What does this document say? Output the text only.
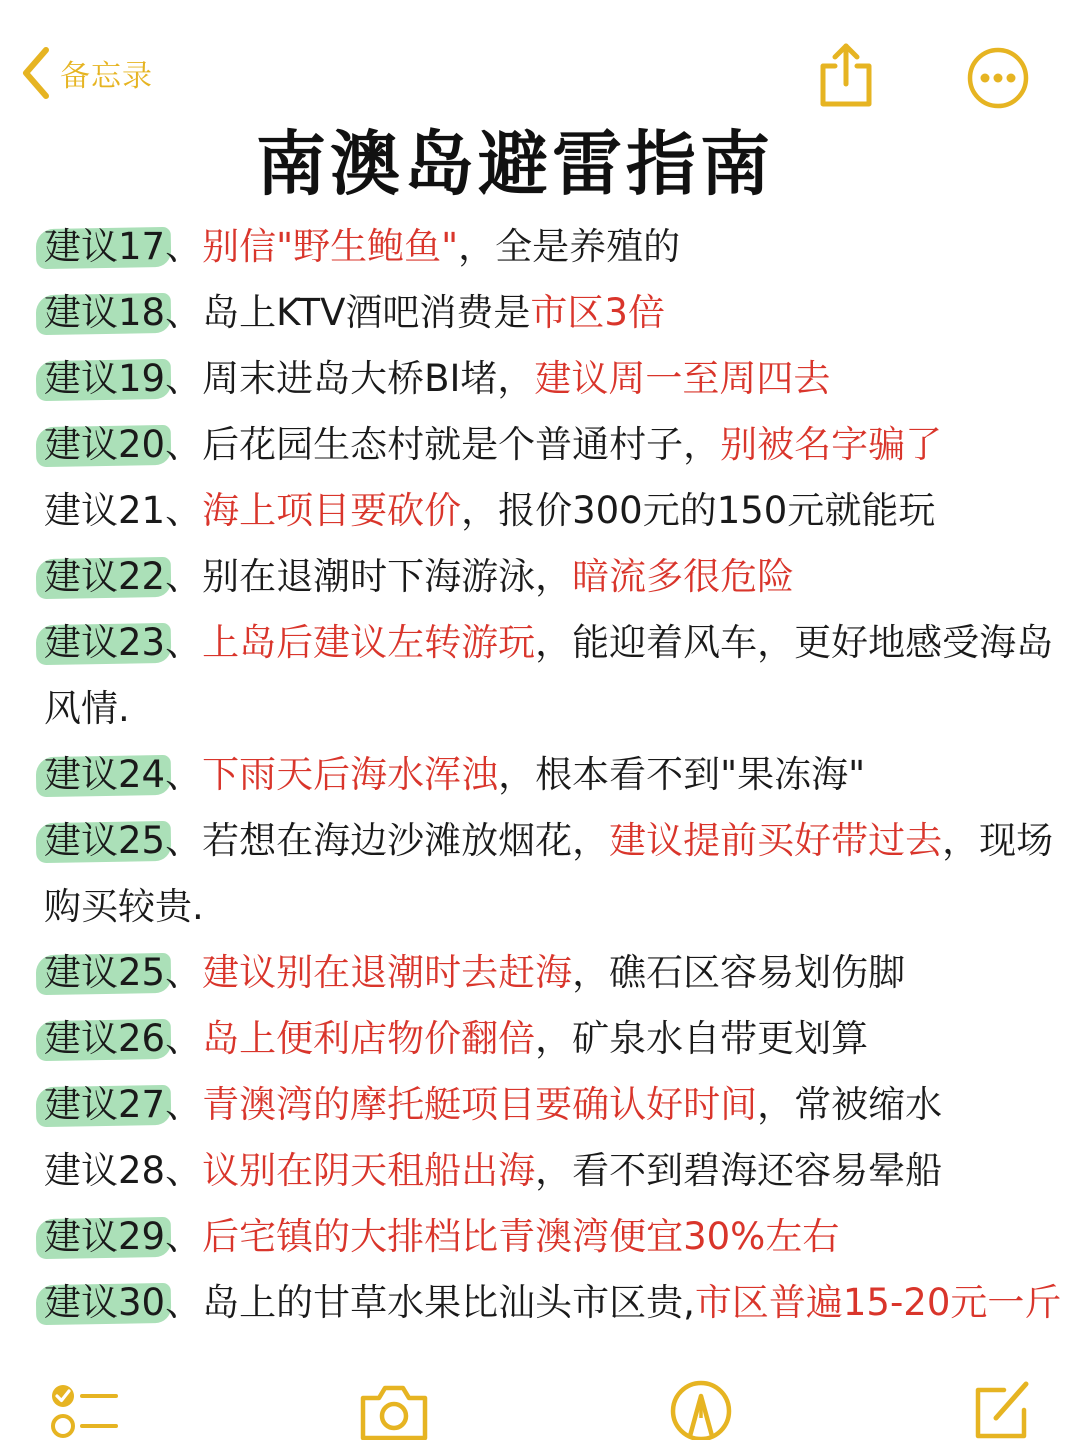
备忘录
南澳岛避雷指南
建议17、别信"野生鲍鱼"，全是养殖的
建议18、岛上KTV酒吧消费是市区3倍
建议19、周末进岛大桥BI堵，建议周一至周四去
建议20、后花园生态村就是个普通村子，别被名字骗了
建议21、海上项目要砍价，报价300元的150元就能玩
建议22、别在退潮时下海游泳，暗流多很危险
建议23、上岛后建议左转游玩，能迎着风车，更好地感受海岛风情.
建议24、下雨天后海水浑浊，根本看不到"果冻海"
建议25、若想在海边沙滩放烟花，建议提前买好带过去，现场购买较贵.
建议25、建议别在退潮时去赶海，礁石区容易划伤脚
建议26、岛上便利店物价翻倍，矿泉水自带更划算
建议27、青澳湾的摩托艇项目要确认好时间，常被缩水
建议28、议别在阴天租船出海，看不到碧海还容易晕船
建议29、后宅镇的大排档比青澳湾便宜30%左右
建议30、岛上的甘草水果比汕头市区贵,市区普遍15-20元一斤
